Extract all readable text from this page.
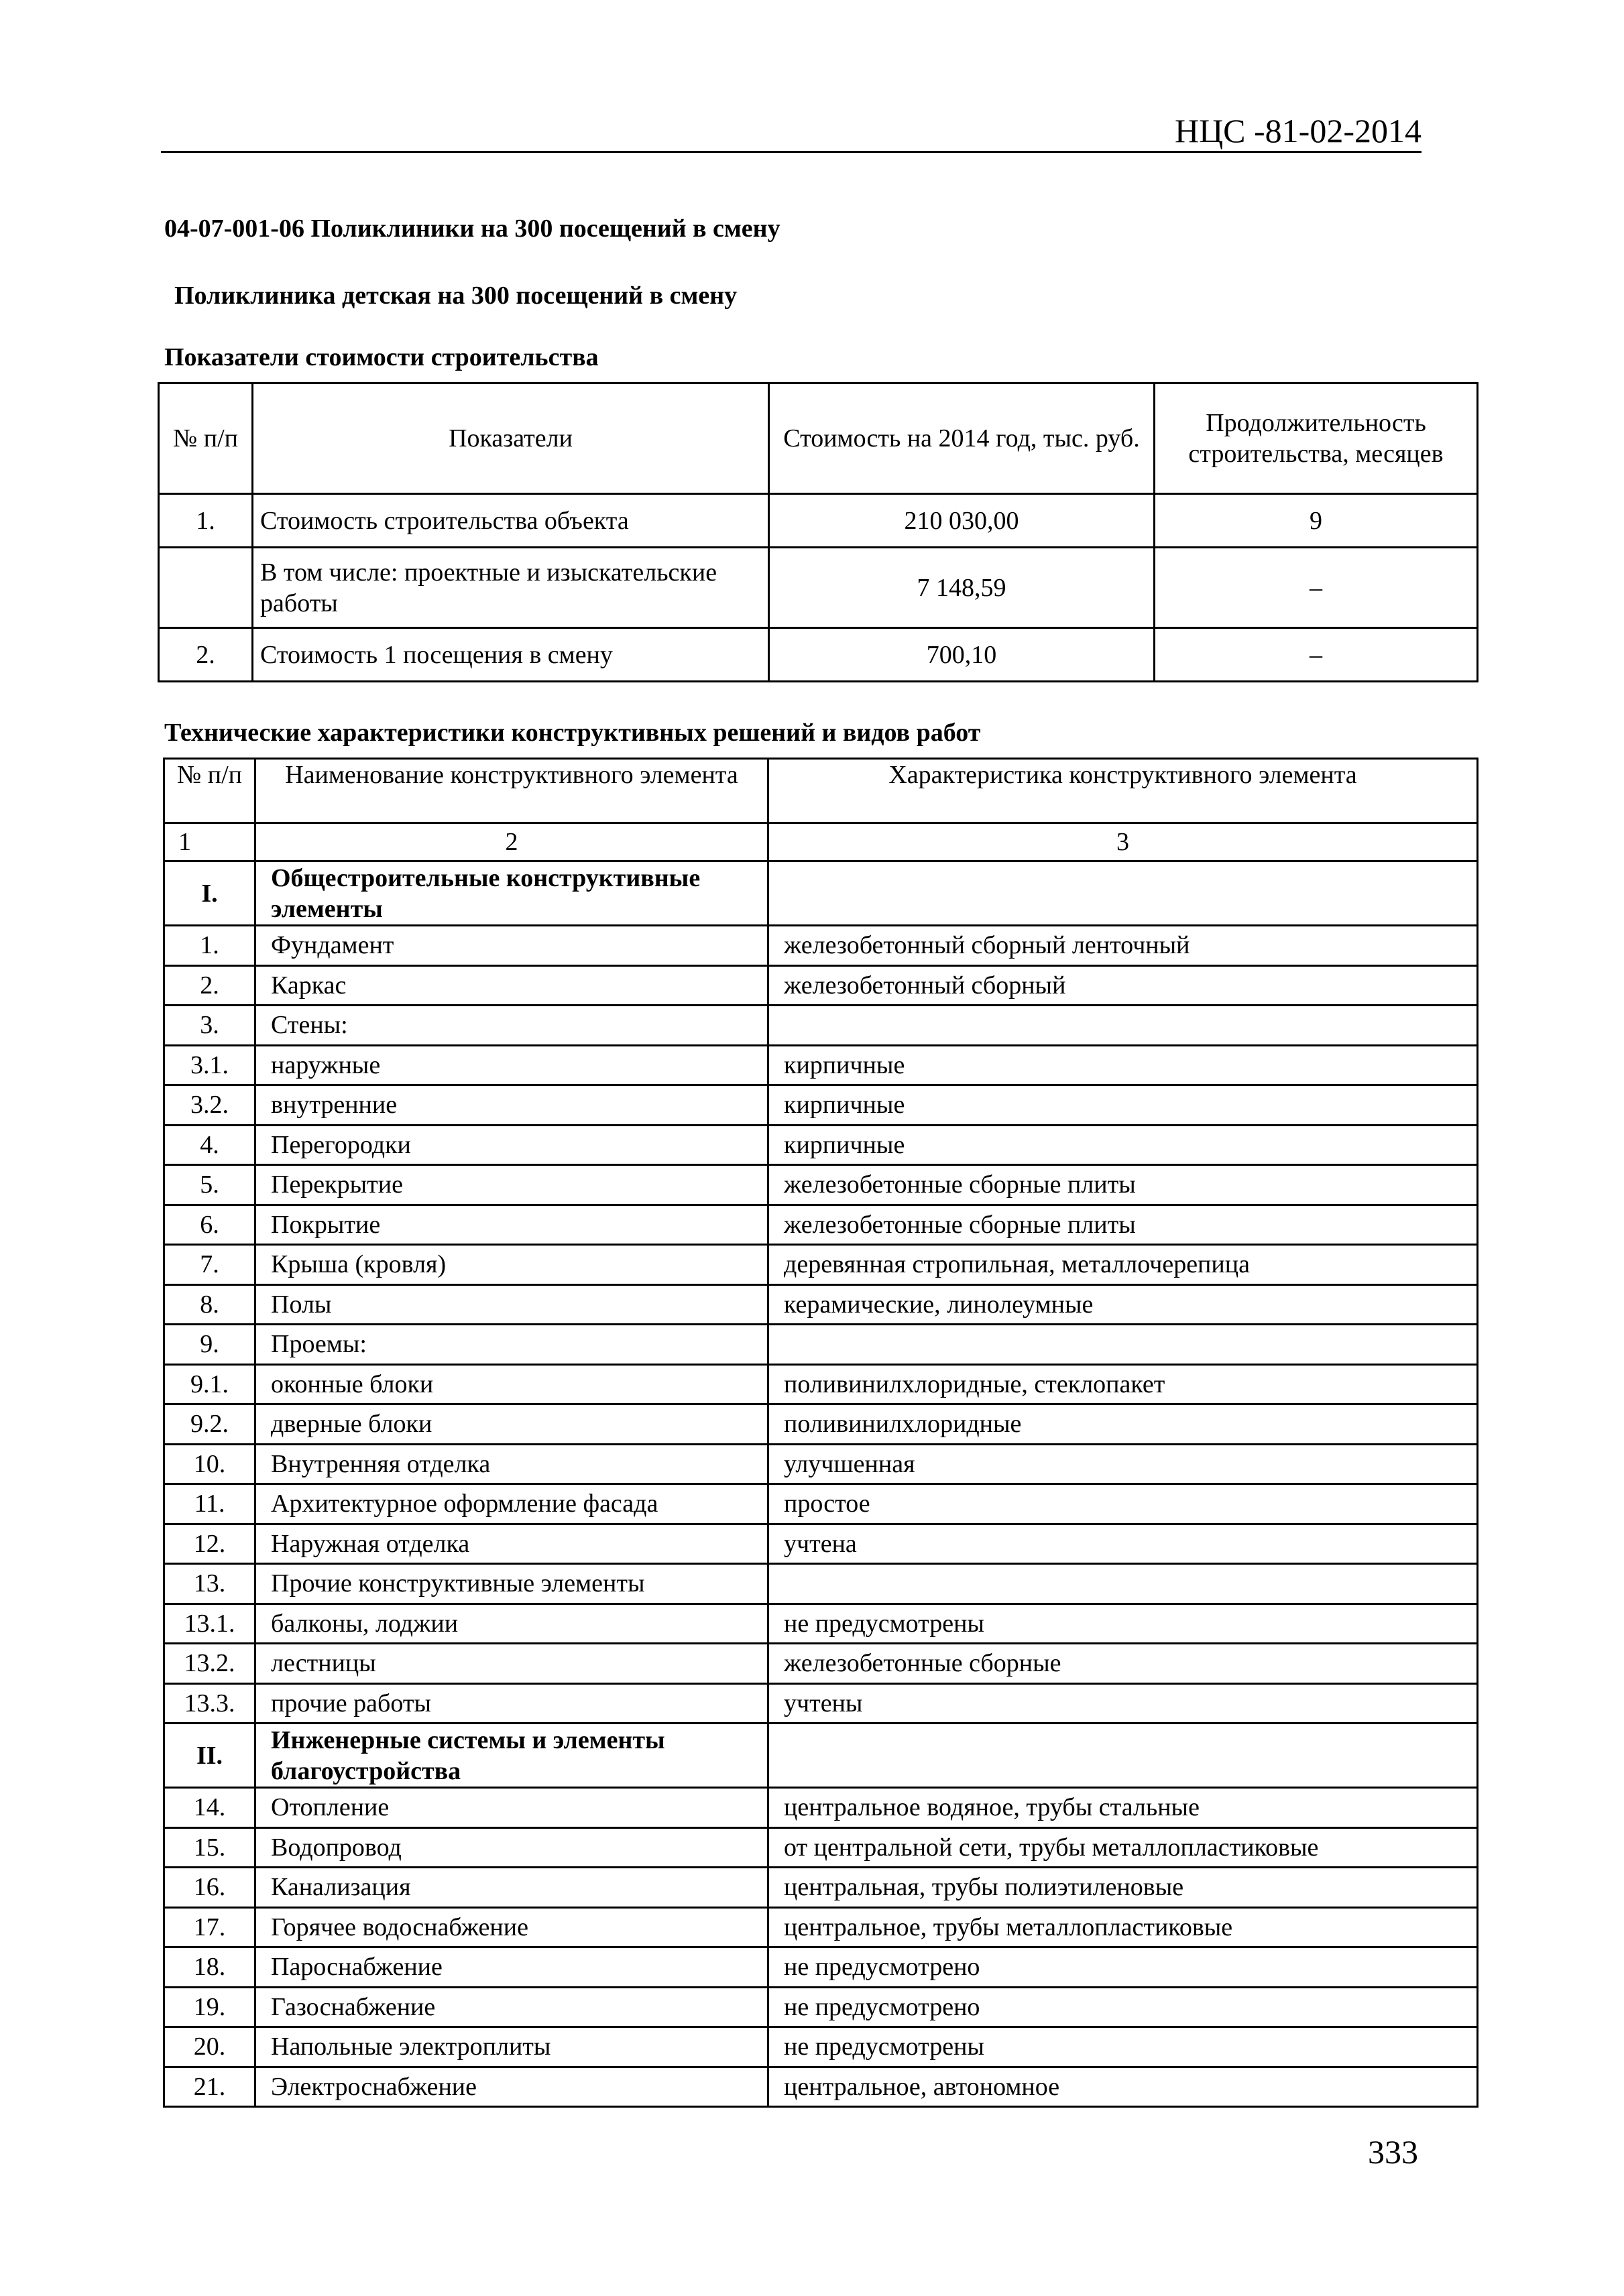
НЦС -81-02-2014
04-07-001-06 Поликлиники на 300 посещений в смену
Поликлиника детская на 300 посещений в смену
Показатели стоимости строительства
№ п/п	Показатели	Стоимость на 2014 год, тыс. руб.	Продолжительность строительства, месяцев
1.	Стоимость строительства объекта	210 030,00	9
	В том числе: проектные и изыскательские работы	7 148,59	–
2.	Стоимость 1 посещения в смену	700,10	–
Технические характеристики конструктивных решений и видов работ
№ п/п	Наименование конструктивного элемента	Характеристика конструктивного элемента
1	2	3
I.	Общестроительные конструктивные элементы	
1.	Фундамент	железобетонный сборный ленточный
2.	Каркас	железобетонный сборный
3.	Стены:	
3.1.	наружные	кирпичные
3.2.	внутренние	кирпичные
4.	Перегородки	кирпичные
5.	Перекрытие	железобетонные сборные плиты
6.	Покрытие	железобетонные сборные плиты
7.	Крыша (кровля)	деревянная стропильная, металлочерепица
8.	Полы	керамические, линолеумные
9.	Проемы:	
9.1.	оконные блоки	поливинилхлоридные, стеклопакет
9.2.	дверные блоки	поливинилхлоридные
10.	Внутренняя отделка	улучшенная
11.	Архитектурное оформление фасада	простое
12.	Наружная отделка	учтена
13.	Прочие конструктивные элементы	
13.1.	балконы, лоджии	не предусмотрены
13.2.	лестницы	железобетонные сборные
13.3.	прочие работы	учтены
II.	Инженерные системы и элементы благоустройства	
14.	Отопление	центральное водяное, трубы стальные
15.	Водопровод	от центральной сети, трубы металлопластиковые
16.	Канализация	центральная, трубы полиэтиленовые
17.	Горячее водоснабжение	центральное, трубы металлопластиковые
18.	Пароснабжение	не предусмотрено
19.	Газоснабжение	не предусмотрено
20.	Напольные электроплиты	не предусмотрены
21.	Электроснабжение	центральное, автономное
333
